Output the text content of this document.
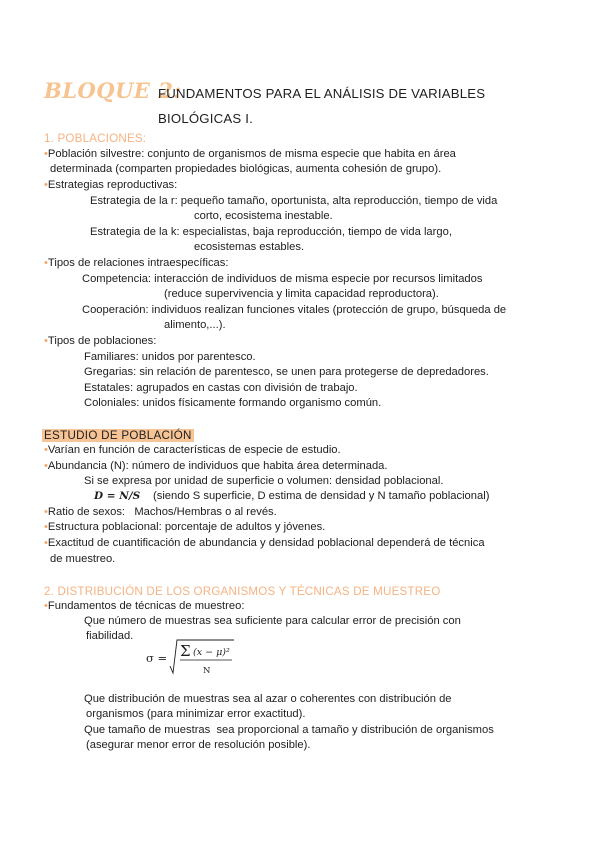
BLOQUE 2:
FUNDAMENTOS PARA EL ANÁLISIS DE VARIABLES
BIOLÓGICAS I.
1. POBLACIONES:
•Población silvestre: conjunto de organismos de misma especie que habita en área
determinada (comparten propiedades biológicas, aumenta cohesión de grupo).
•Estrategias reproductivas:
Estrategia de la r: pequeño tamaño, oportunista, alta reproducción, tiempo de vida
corto, ecosistema inestable.
Estrategia de la k: especialistas, baja reproducción, tiempo de vida largo,
ecosistemas estables.
•Tipos de relaciones intraespecíficas:
Competencia: interacción de individuos de misma especie por recursos limitados
(reduce supervivencia y limita capacidad reproductora).
Cooperación: individuos realizan funciones vitales (protección de grupo, búsqueda de
alimento,...).
•Tipos de poblaciones:
Familiares: unidos por parentesco.
Gregarias: sin relación de parentesco, se unen para protegerse de depredadores.
Estatales: agrupados en castas con división de trabajo.
Coloniales: unidos físicamente formando organismo común.
ESTUDIO DE POBLACIÓN
•Varían en función de características de especie de estudio.
•Abundancia (N): número de individuos que habita área determinada.
Si se expresa por unidad de superficie o volumen: densidad poblacional.
D = N/S (siendo S superficie, D estima de densidad y N tamaño poblacional)
•Ratio de sexos:   Machos/Hembras o al revés.
•Estructura poblacional: porcentaje de adultos y jóvenes.
•Exactitud de cuantificación de abundancia y densidad poblacional dependerá de técnica
de muestreo.
2. DISTRIBUCIÓN DE LOS ORGANISMOS Y TÉCNICAS DE MUESTREO
•Fundamentos de técnicas de muestreo:
Que número de muestras sea suficiente para calcular error de precisión con
fiabilidad.
σ = Σ (x − μ)²
N
Que distribución de muestras sea al azar o coherentes con distribución de
organismos (para minimizar error exactitud).
Que tamaño de muestras  sea proporcional a tamaño y distribución de organismos
(asegurar menor error de resolución posible).
